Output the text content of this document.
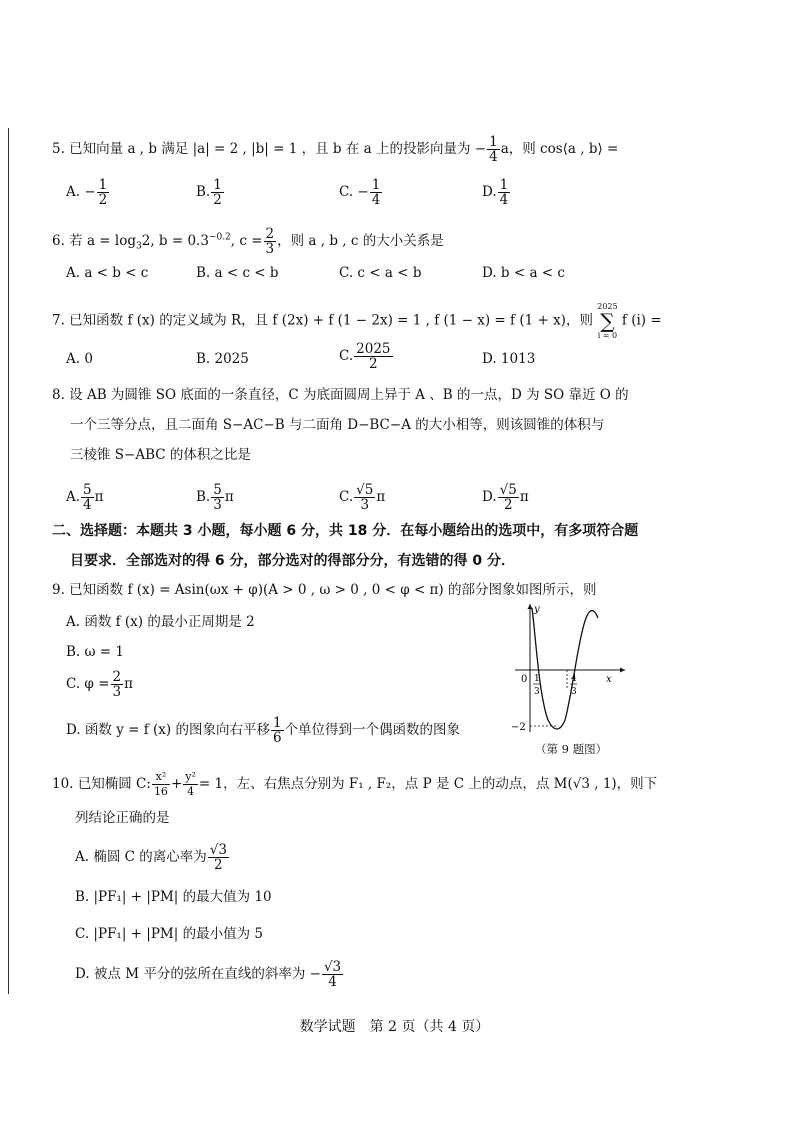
5. 已知向量 a , b 满足 |a| = 2 , |b| = 1 ，且 b 在 a 上的投影向量为 − $\frac{1}{4}$ a，则 cos⟨a , b⟩ =
A. − $\frac{1}{2}$	B. $\frac{1}{2}$	C. − $\frac{1}{4}$	D. $\frac{1}{4}$
6. 若 $a = \log_32$, $b = 0.3^{-0.2}$, $c = \frac{2}{3}$ ，则 a , b , c 的大小关系是
A. a < b < c	B. a < c < b	C. c < a < b	D. b < a < c
7. 已知函数 f (x) 的定义域为 R，且 f (2x) + f (1 − 2x) = 1 , f (1 − x) = f (1 + x)，则
2025
∑
i = 0
f (i) =
A. 0	B. 2025	C. $\frac{2025}{2}$	D. 1013
8. 设 AB 为圆锥 SO 底面的一条直径，C 为底面圆周上异于 A 、B 的一点，D 为 SO 靠近 O 的
一个三等分点，且二面角 S−AC−B 与二面角 D−BC−A 的大小相等，则该圆锥的体积与
三棱锥 S−ABC 的体积之比是
A. $\frac{5}{4}$ π	B. $\frac{5}{3}$ π	C. $\frac{√5}{3}$ π	D. $\frac{√5}{2}$ π
二、选择题：本题共 3 小题，每小题 6 分，共 18 分．在每小题给出的选项中，有多项符合题
目要求．全部选对的得 6 分，部分选对的得部分分，有选错的得 0 分．
9. 已知函数 f (x) = Asin(ωx + φ)(A > 0 , ω > 0 , 0 < φ < π) 的部分图象如图所示，则
A. 函数 f (x) 的最小正周期是 2
B. ω = 1
C. $\varphi = \frac{2}{3}$ π
D. 函数 y = f (x) 的图象向右平移 $\frac{1}{6}$ 个单位得到一个偶函数的图象
y
x
0 1
3
4
3
−2
（第 9 题图）
10. 已知椭圆 C: $\frac{\text{x²}}{16} + \frac{\text{y²}}{4} = 1$，左、右焦点分别为 F₁ , F₂，点 P 是 C 上的动点，点 M(√3 , 1)，则下
列结论正确的是
A. 椭圆 C 的离心率为 $\frac{√3}{2}$
B. |PF₁| + |PM| 的最大值为 10
C. |PF₁| + |PM| 的最小值为 5
D. 被点 M 平分的弦所在直线的斜率为 − $\frac{√3}{4}$
数学试题　第 2 页（共 4 页）
